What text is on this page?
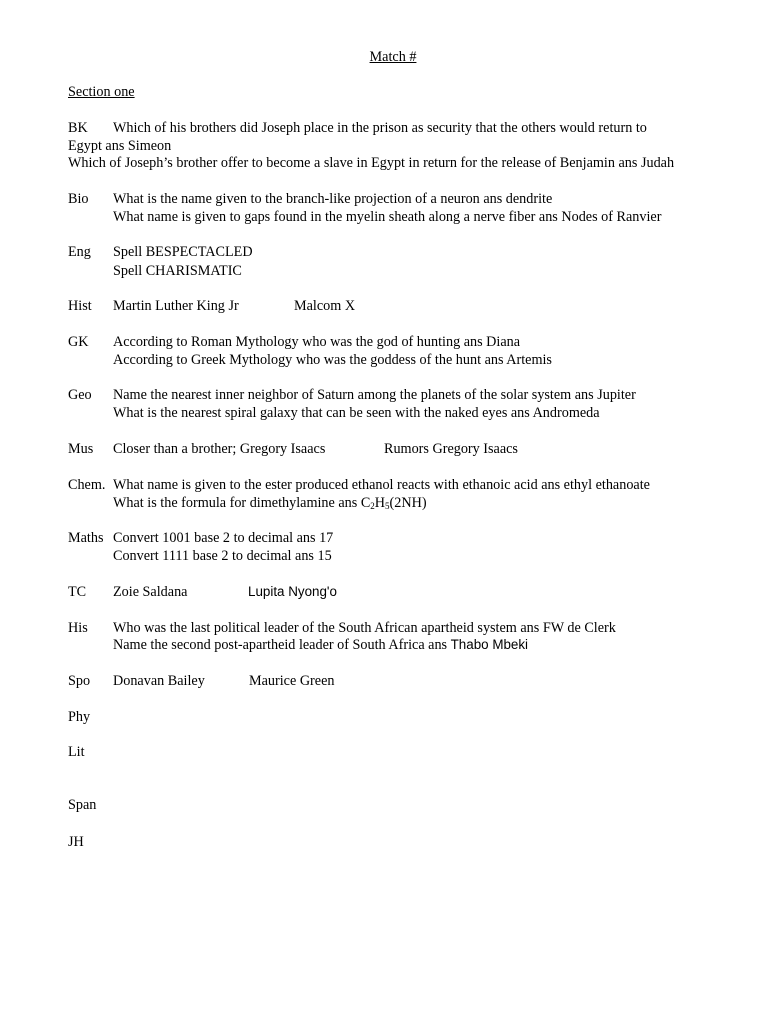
Match #
Section one
BK Which of his brothers did Joseph place in the prison as security that the others would return to
Egypt ans Simeon
Which of Joseph’s brother offer to become a slave in Egypt in return for the release of Benjamin ans Judah
Bio What is the name given to the branch-like projection of a neuron ans dendrite
What name is given to gaps found in the myelin sheath along a nerve fiber ans Nodes of Ranvier
Eng Spell BESPECTACLED
Spell CHARISMATIC
Hist Martin Luther King Jr	Malcom X
GK According to Roman Mythology who was the god of hunting ans Diana
According to Greek Mythology who was the goddess of the hunt ans Artemis
Geo Name the nearest inner neighbor of Saturn among the planets of the solar system ans Jupiter
What is the nearest spiral galaxy that can be seen with the naked eyes ans Andromeda
Mus Closer than a brother; Gregory Isaacs	Rumors Gregory Isaacs
Chem. What name is given to the ester produced ethanol reacts with ethanoic acid ans ethyl ethanoate
What is the formula for dimethylamine ans $C_2H_5(2NH)$
Maths Convert 1001 base 2 to decimal ans 17
Convert 1111 base 2 to decimal ans 15
TC Zoie Saldana	Lupita Nyong'o
His Who was the last political leader of the South African apartheid system ans FW de Clerk
Name the second post-apartheid leader of South Africa ans Thabo Mbeki
Spo Donavan Bailey	Maurice Green
Phy
Lit
Span
JH
